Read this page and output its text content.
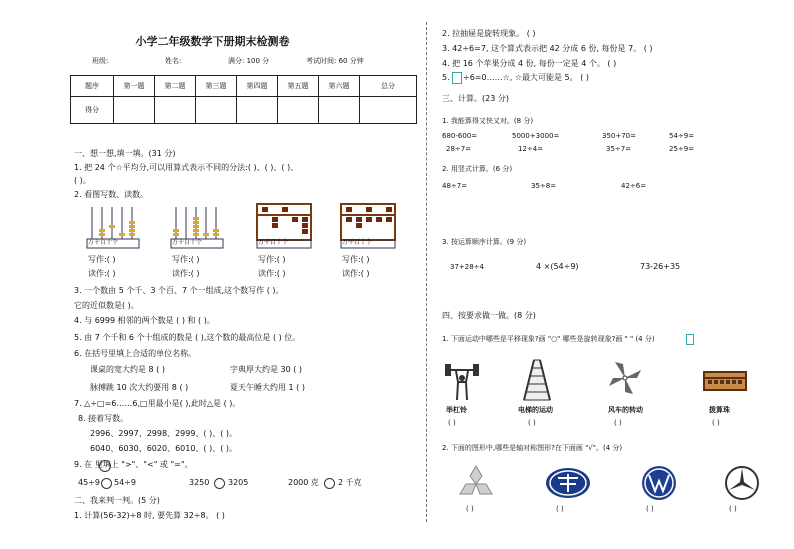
小学二年级数学下册期末检测卷
班级:	姓名:	满分: 100 分	考试时间: 60 分钟
题序	第一题	第二题	第三题	第四题	第五题	第六题	总分
得分							
一、想一想,填一填。(31 分)
1. 把 24 个☆平均分,可以用算式表示不同的分法:( )、( )、( )、
( )。
2. 看图写数、读数。
万千百十个	万千百十个	万千百十个	万千百十个
写作:( )	写作:( )	写作:( )	写作:( )
读作:( )	读作:( )	读作:( )	读作:( )
3. 一个数由 5 个千、3 个百、7 个一组成,这个数写作 ( )。
它的近似数是( )。
4. 与 6999 相邻的两个数是 ( ) 和 ( )。
5. 由 7 个千和 6 个十组成的数是 ( ),这个数的最高位是 ( ) 位。
6. 在括号里填上合适的单位名称。
课桌的宽大约是 8 ( )	字典厚大约是 30 ( )
脉搏跳 10 次大约要用 8 ( )	夏天午睡大约用 1 ( )
7. △÷□=6……6,□里最小是( ),此时△是 ( )。
8. 接着写数。
2996、2997、2998、2999、( )、( )。
6040、6030、6020、6010、( )、( )。
9. 在 里填上 ">"、"<" 或 "="。
45÷9 54÷9	3250 3205	2000 克 2 千克
二、我来判一判。(5 分)
1. 计算(56-32)÷8 时, 要先算 32÷8。 ( )
2. 拉抽屉是旋转现象。 ( )
3. 42÷6=7, 这个算式表示把 42 分成 6 份, 每份是 7。 ( )
4. 把 16 个苹果分成 4 份, 每份一定是 4 个。 ( )
5. ÷6=0……☆, ☆最大可能是 5。 ( )
三、计算。(23 分)
1. 我能算得又快又对。(8 分)
680-600=	5000+3000=	350+70=	54÷9=
28÷7=	12÷4=	35÷7=	25÷9=
2. 用竖式计算。(6 分)
48÷7=	35÷8=	42÷6=
3. 按运算顺序计算。(9 分)
37+28÷4	4 ×(54÷9)	73-26+35
四、按要求做一做。(8 分)
1. 下面运动中哪些是平移现象?画 "○" 哪些是旋转现象?画 " " (4 分)
举杠铃	电梯的运动	风车的转动	拨算珠
( )	( )	( )	( )
2. 下面的图形中,哪些是轴对称图形?在下面画 "√"。(4 分)
( )	( )	( )	( )
